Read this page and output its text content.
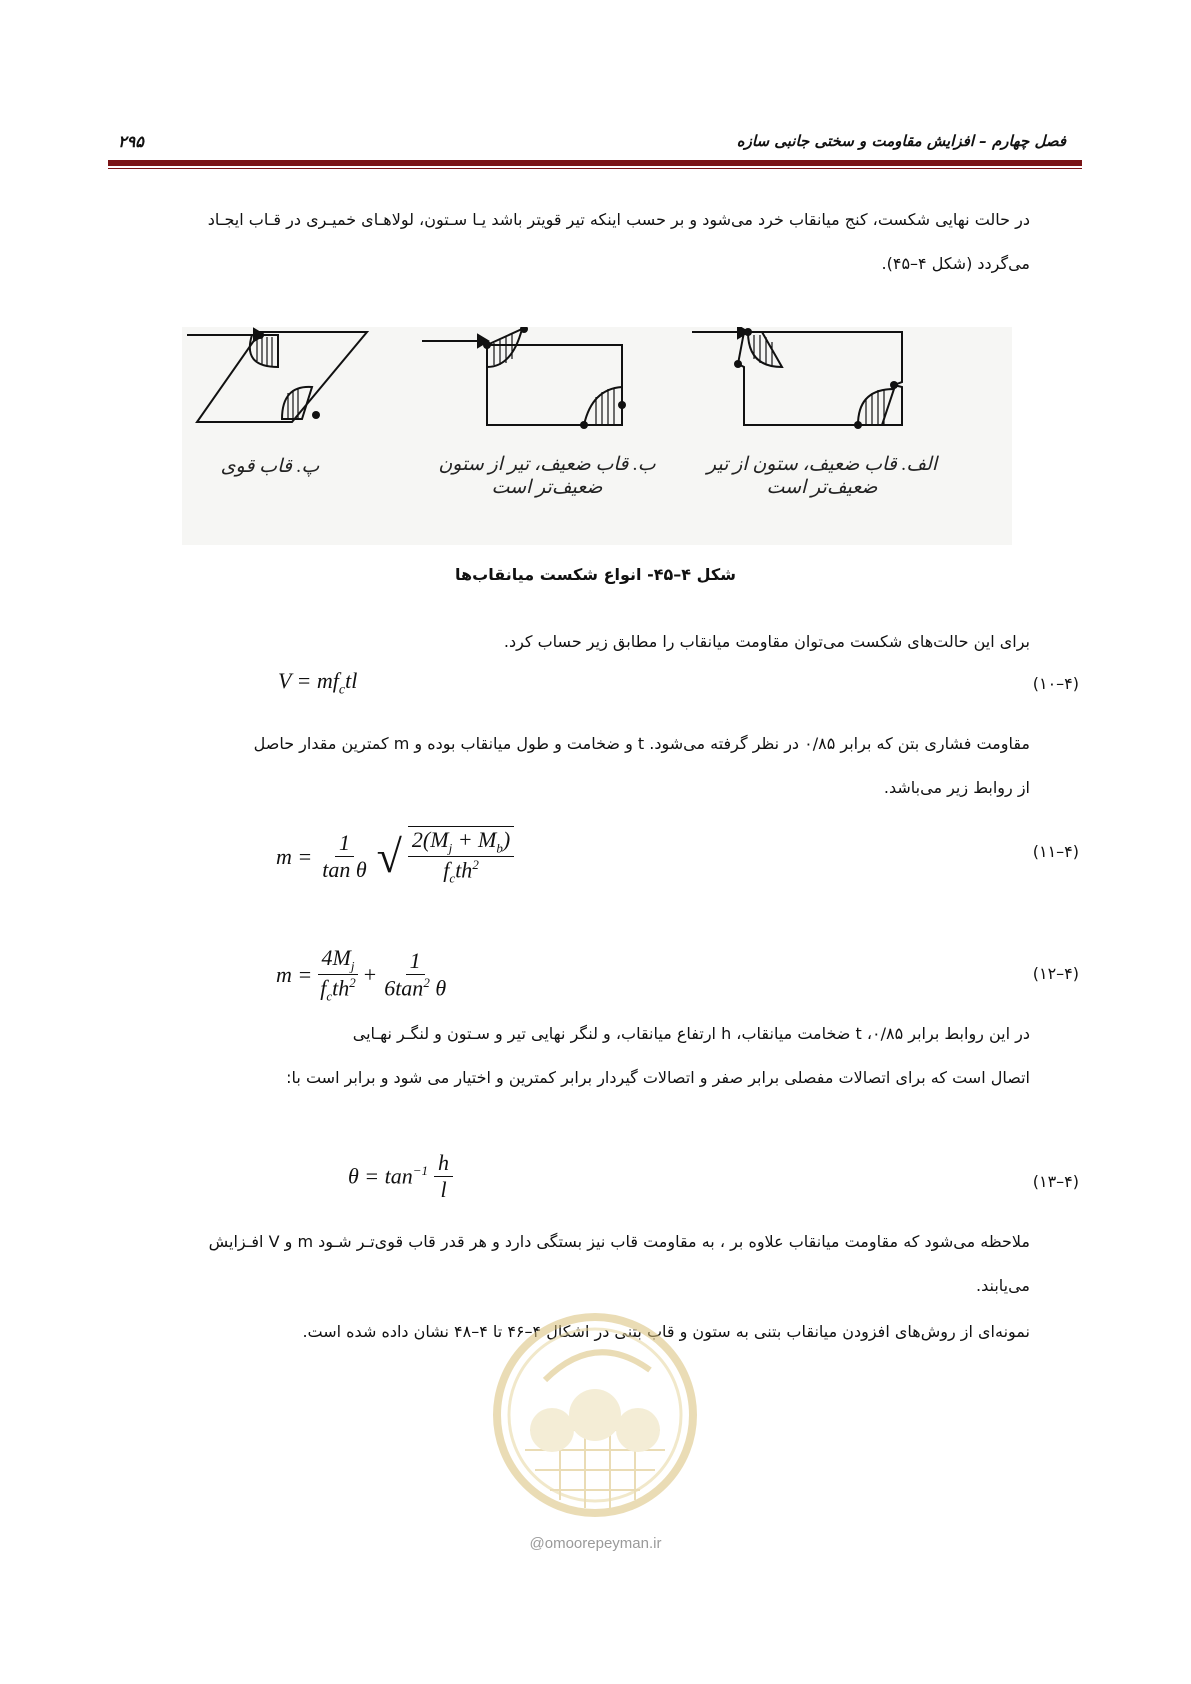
فصل چهارم – افزایش مقاومت و سختی جانبی سازه
۲۹۵
در حالت نهایی شکست، کنج میانقاب خرد می‌شود و بر حسب اینکه تیر قویتر باشد یـا سـتون، لولاهـای خمیـری در قـاب ایجـاد
می‌گردد (شکل ۴–۴۵).
پ. قاب قوی	ب. قاب ضعیف، تیر از ستون
ضعیف‌تر است
الف. قاب ضعیف، ستون از تیر
ضعیف‌تر است
شکل ۴–۴۵- انواع شکست میانقاب‌ها
برای این حالت‌های شکست می‌توان مقاومت میانقاب را مطابق زیر حساب کرد.
$V = mf_ctl$	(۴–۱۰)
مقاومت فشاری بتن که برابر ۰/۸۵ در نظر گرفته می‌شود. t و ضخامت و طول میانقاب بوده و m کمترین مقدار حاصل
از روابط زیر می‌باشد.
$m = \frac{1}{\text{tan θ}}$ √ $\frac{2(M_j + M_b)}{f_cth^2}$	(۴–۱۱)
$m = \frac{4M_j}{f_cth^2} + \frac{1}{6\tan^2 \theta}$	(۴–۱۲)
در این روابط برابر ۰/۸۵، t ضخامت میانقاب، h ارتفاع میانقاب، و لنگر نهایی تیر و سـتون و لنگـر نهـایی
اتصال است که برای اتصالات مفصلی برابر صفر و اتصالات گیردار برابر کمترین و اختیار می شود و برابر است با:
$\theta = \tan^{-1} \frac{h}{l}$	(۴–۱۳)
ملاحظه می‌شود که مقاومت میانقاب علاوه بر ، به مقاومت قاب نیز بستگی دارد و هر قدر قاب قوی‌تـر شـود m و V افـزایش
می‌یابند.
نمونه‌ای از روش‌های افزودن میانقاب بتنی به ستون و قاب بتنی در اشکال ۴–۴۶ تا ۴–۴۸ نشان داده شده است.
@omoorepeyman.ir
